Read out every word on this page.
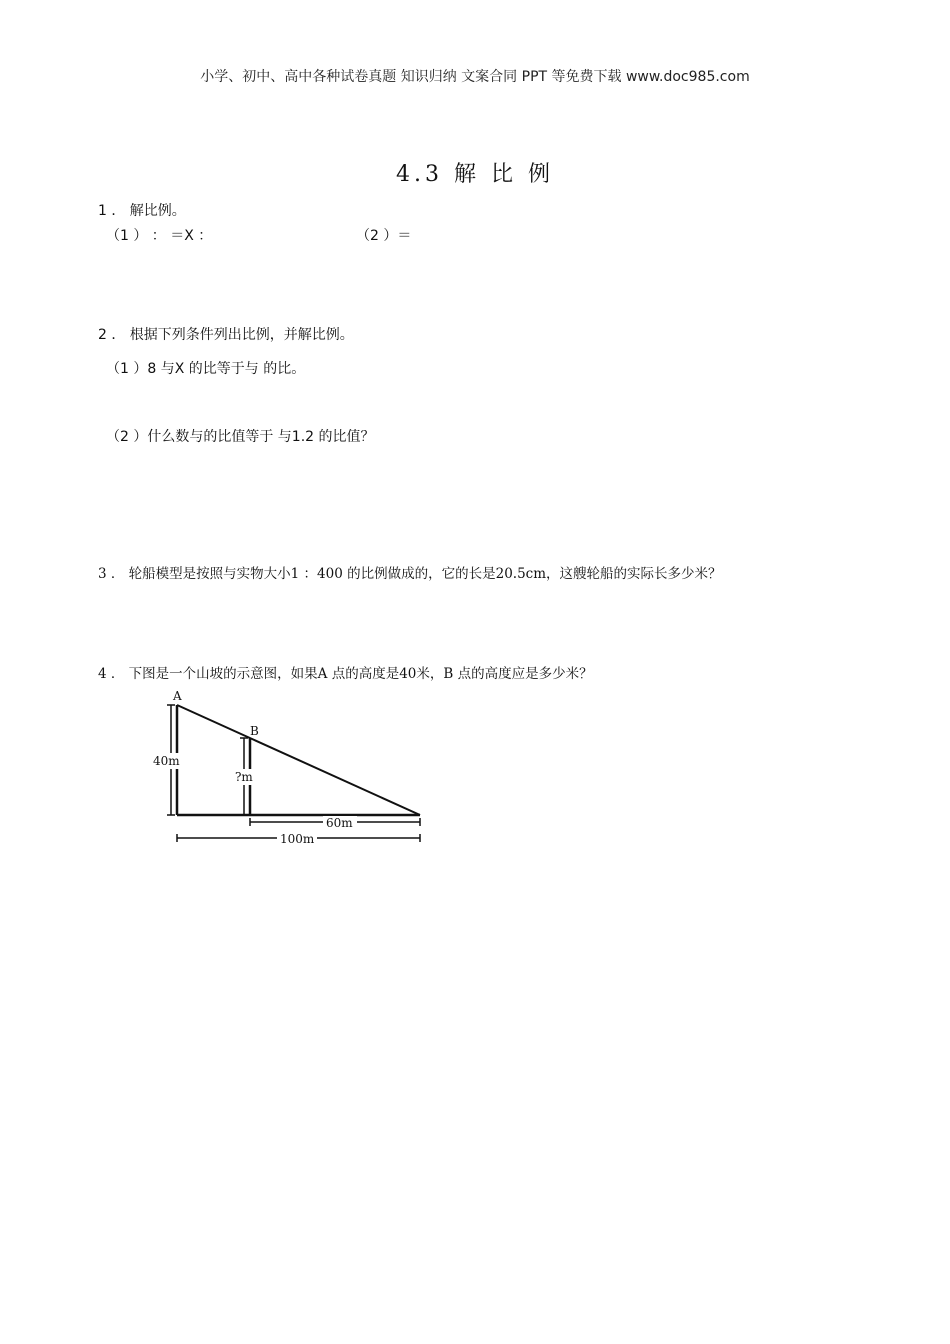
小学、初中、高中各种试卷真题 知识归纳 文案合同 PPT 等免费下载 www.doc985.com
4.3 解 比 例
1 ． 解比例。
（1 ） ： ＝X ：	（2 ）＝
2 ． 根据下列条件列出比例，并解比例。
（1 ）8 与X 的比等于与 的比。
（2 ）什么数与的比值等于 与1.2 的比值？
3 ． 轮船模型是按照与实物大小1 ：400 的比例做成的，它的长是20.5cm，这艘轮船的实际长多少米？
4 ． 下图是一个山坡的示意图，如果A 点的高度是40米，B 点的高度应是多少米？
A
B
40m
?m
60m
100m
